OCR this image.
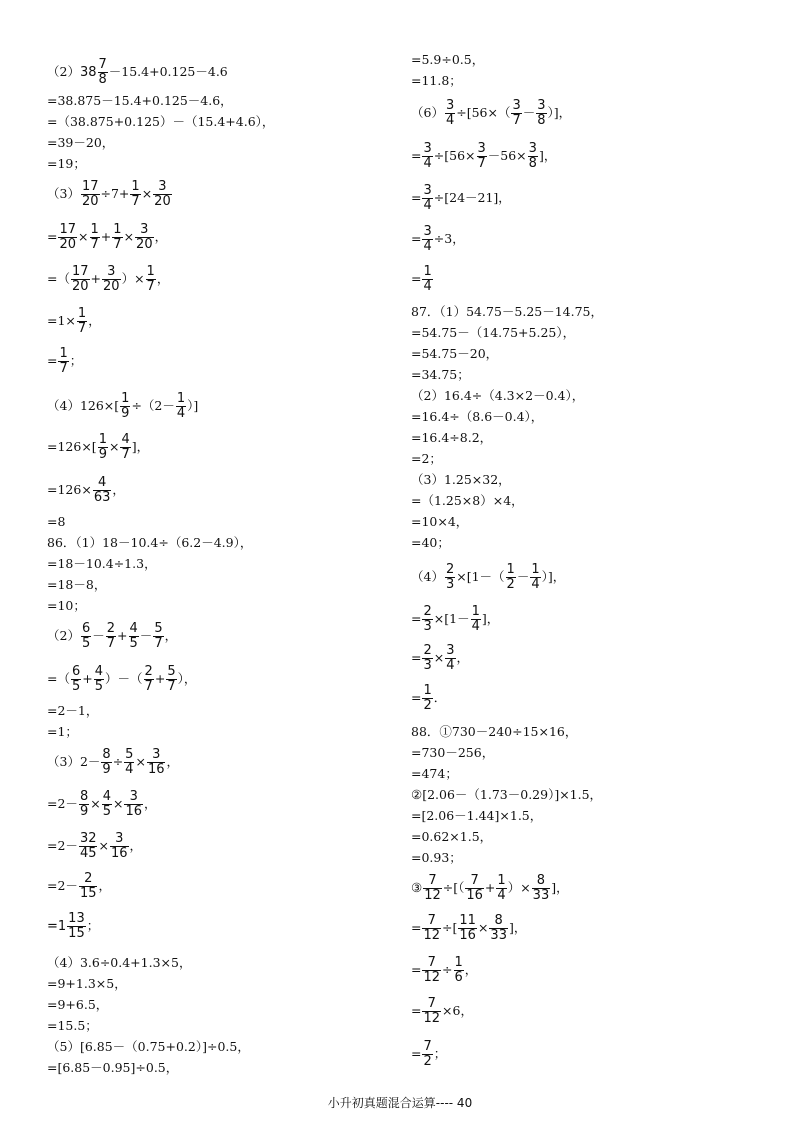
$(2)38 \frac{7}{8} -15.4+0.125-4.6$
=38.875－15.4+0.125－4.6，
=（38.875+0.125）－（15.4+4.6），
=39－20，
=19；
$(3) \frac{17}{20} \div 7+ \frac{1}{7} \times \frac{3}{20}$
= $\frac{17}{20} \times \frac{1}{7} + \frac{1}{7} \times \frac{3}{20}$ ，
=（ $\frac{17}{20} + \frac{3}{20}$ ）× $\frac{1}{7}$ ，
$=1\times \frac{1}{7}$ ，
= $\frac{1}{7}$ ；
$(4)126\times[ \frac{1}{9} \div(2- \frac{1}{4}$ ）]
$=126\times[ \frac{1}{9} \times \frac{4}{7}$ ]，
$=126\times \frac{4}{63}$ ，
=8
86．（1）18－10.4÷（6.2－4.9），
=18－10.4÷1.3，
=18－8，
=10；
$(2) \frac{6}{5} - \frac{2}{7} + \frac{4}{5} - \frac{5}{7}$ ，
=（ $\frac{6}{5} + \frac{4}{5}$ ）－（ $\frac{2}{7} + \frac{5}{7}$ ），
=2－1，
=1；
$(3)2- \frac{8}{9} \div \frac{5}{4} \times \frac{3}{16}$ ，
$=2- \frac{8}{9} \times \frac{4}{5} \times \frac{3}{16}$ ，
$=2- \frac{32}{45} \times \frac{3}{16}$ ，
$=2- \frac{2}{15}$ ，
$=1 \frac{13}{15}$ ；
（4）3.6÷0.4+1.3×5，
=9+1.3×5，
=9+6.5，
=15.5；
（5）[6.85－（0.75+0.2）]÷0.5，
=[6.85－0.95]÷0.5，
=5.9÷0.5，
=11.8；
$(6) \frac{3}{4} \div[56\times( \frac{3}{7} - \frac{3}{8}$ ）]，
= $\frac{3}{4} \div[56\times \frac{3}{7} -56\times \frac{3}{8}$ ]，
= $\frac{3}{4} \div[24-21]$，
= $\frac{3}{4} \div 3$，
= $\frac{1}{4}$
87．（1）54.75－5.25－14.75，
=54.75－（14.75+5.25），
=54.75－20，
=34.75；
（2）16.4÷（4.3×2－0.4），
=16.4÷（8.6－0.4），
=16.4÷8.2，
=2；
（3）1.25×32，
=（1.25×8）×4，
=10×4，
=40；
$(4) \frac{2}{3} \times[1-( \frac{1}{2} - \frac{1}{4}$ ）]，
= $\frac{2}{3} \times[1- \frac{1}{4}$ ]，
= $\frac{2}{3} \times \frac{3}{4}$ ，
= $\frac{1}{2}$ ．
88．①730－240÷15×16，
=730－256，
=474；
②[2.06－（1.73－0.29）]×1.5，
=[2.06－1.44]×1.5，
=0.62×1.5，
=0.93；
③ $\frac{7}{12}$ ÷[（ $\frac{7}{16} + \frac{1}{4}$ ）× $\frac{8}{33}$ ]，
= $\frac{7}{12}$ ÷[ $\frac{11}{16} \times \frac{8}{33}$ ]，
= $\frac{7}{12} \div \frac{1}{6}$ ，
= $\frac{7}{12} \times 6$，
= $\frac{7}{2}$ ；
小升初真题混合运算---- 40
